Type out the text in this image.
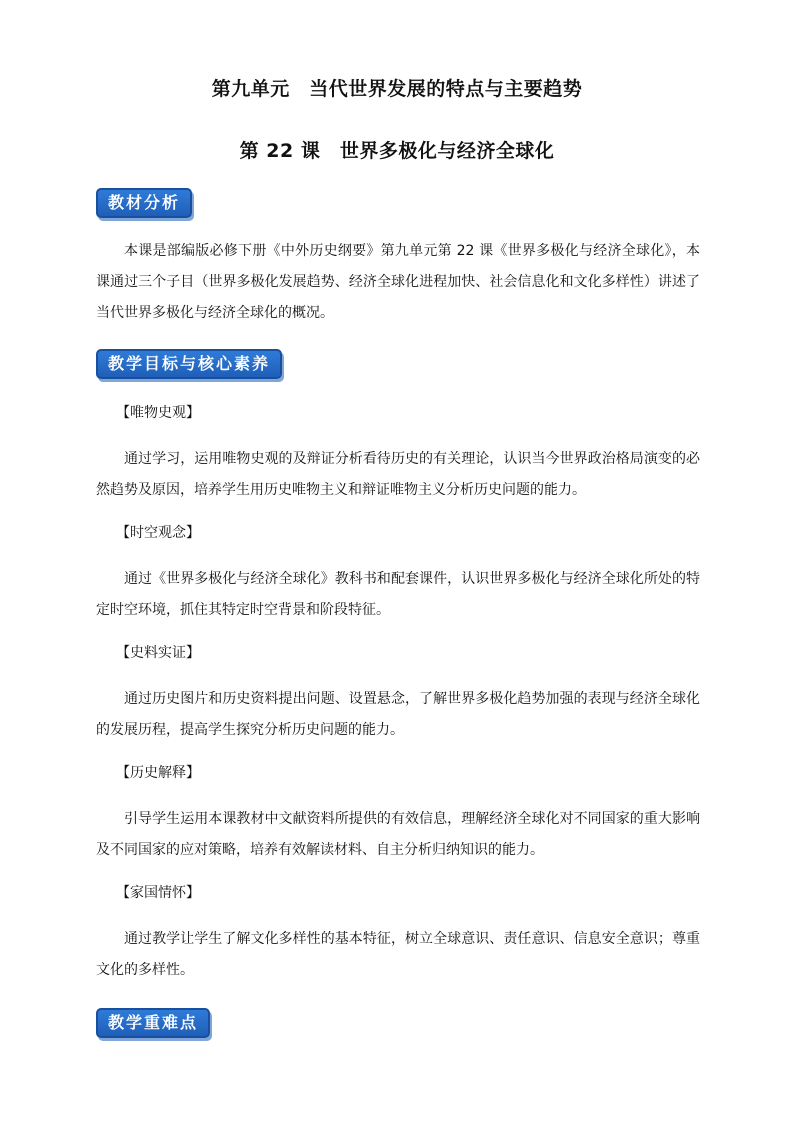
第九单元　当代世界发展的特点与主要趋势
第 22 课　世界多极化与经济全球化
教材分析

本课是部编版必修下册《中外历史纲要》第九单元第 22 课《世界多极化与经济全球化》，本课通过三个子目（世界多极化发展趋势、经济全球化进程加快、社会信息化和文化多样性）讲述了当代世界多极化与经济全球化的概况。

教学目标与核心素养

【唯物史观】

通过学习，运用唯物史观的及辩证分析看待历史的有关理论，认识当今世界政治格局演变的必然趋势及原因，培养学生用历史唯物主义和辩证唯物主义分析历史问题的能力。

【时空观念】

通过《世界多极化与经济全球化》教科书和配套课件，认识世界多极化与经济全球化所处的特定时空环境，抓住其特定时空背景和阶段特征。

【史料实证】

通过历史图片和历史资料提出问题、设置悬念，了解世界多极化趋势加强的表现与经济全球化的发展历程，提高学生探究分析历史问题的能力。

【历史解释】

引导学生运用本课教材中文献资料所提供的有效信息，理解经济全球化对不同国家的重大影响及不同国家的应对策略，培养有效解读材料、自主分析归纳知识的能力。

【家国情怀】

通过教学让学生了解文化多样性的基本特征，树立全球意识、责任意识、信息安全意识；尊重文化的多样性。

教学重难点
